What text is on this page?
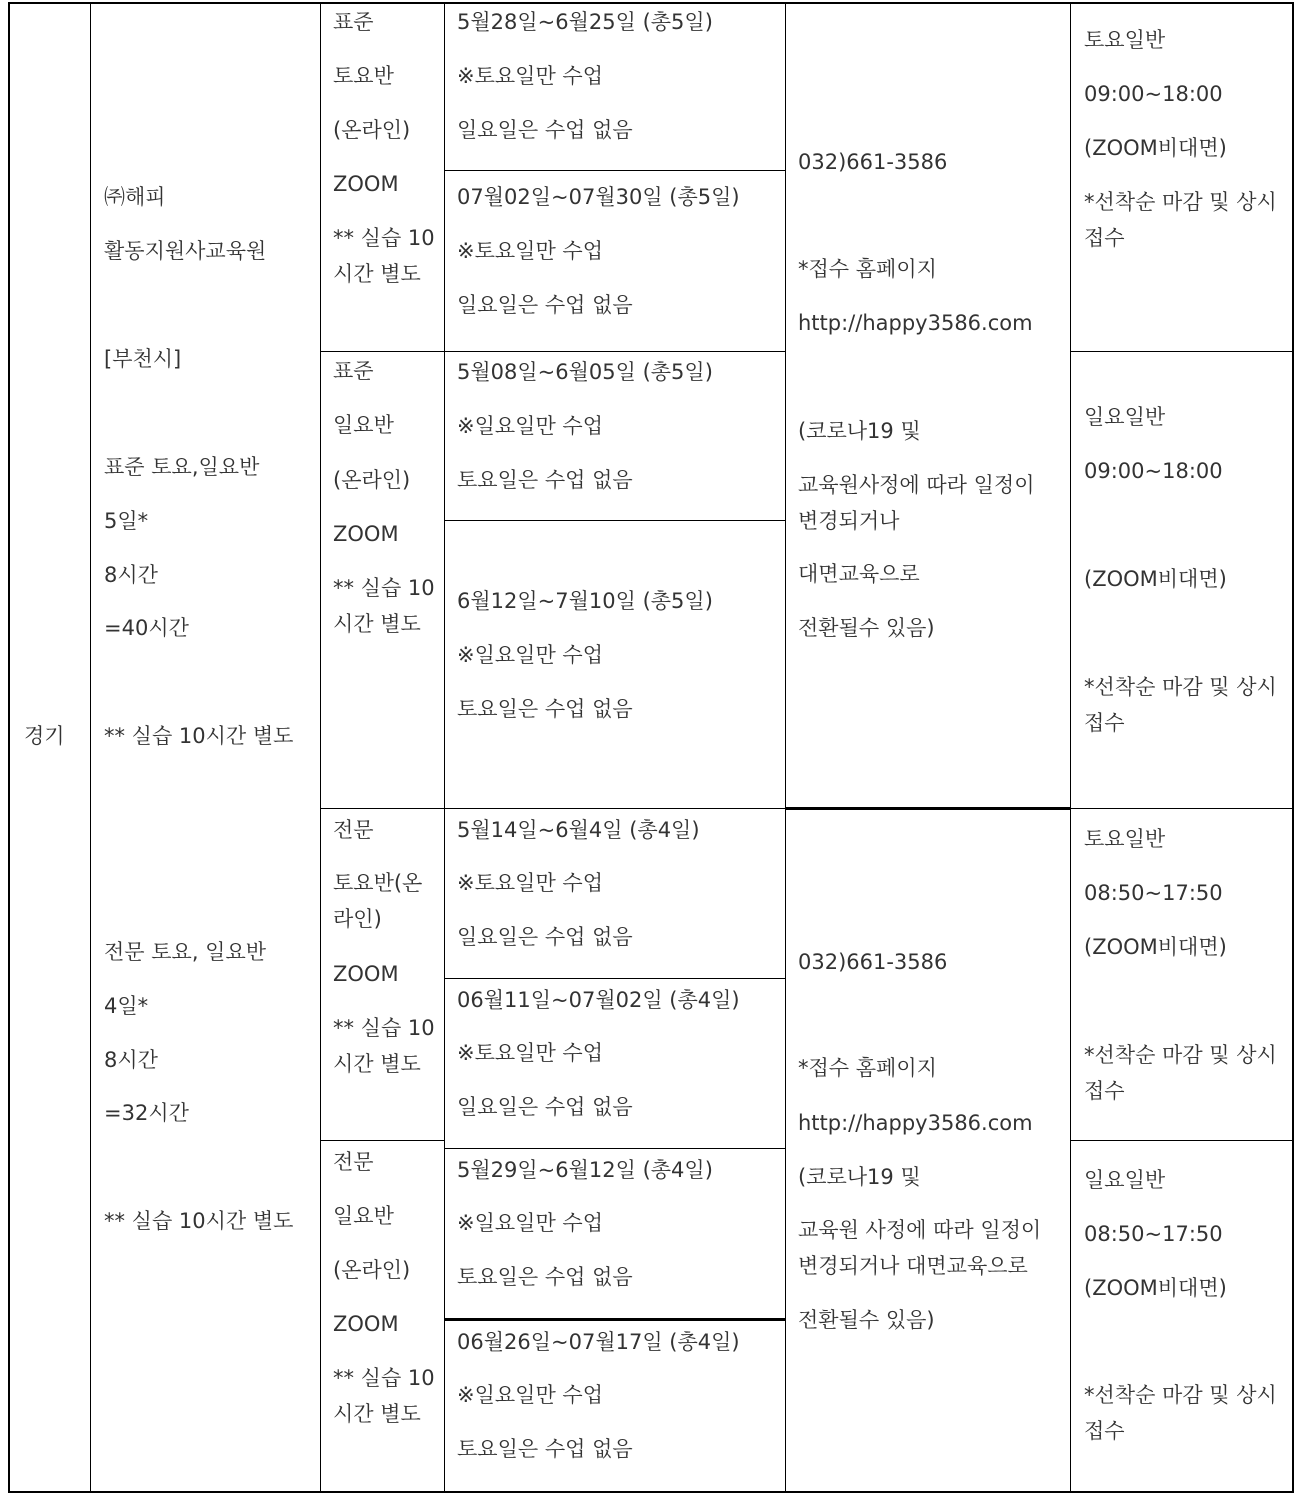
경기
㈜해피
활동지원사교육원
[부천시]
표준 토요,일요반
5일*
8시간
=40시간
** 실습 10시간 별도
전문 토요, 일요반
4일*
8시간
=32시간
** 실습 10시간 별도
표준
토요반
(온라인)
ZOOM
** 실습 10시간 별도
표준
일요반
(온라인)
ZOOM
** 실습 10시간 별도
전문
토요반(온라인)
ZOOM
** 실습 10시간 별도
전문
일요반
(온라인)
ZOOM
** 실습 10시간 별도
5월28일~6월25일 (총5일)
※토요일만 수업
일요일은 수업 없음
07월02일~07월30일 (총5일)
※토요일만 수업
일요일은 수업 없음
5월08일~6월05일 (총5일)
※일요일만 수업
토요일은 수업 없음
6월12일~7월10일 (총5일)
※일요일만 수업
토요일은 수업 없음
5월14일~6월4일 (총4일)
※토요일만 수업
일요일은 수업 없음
06월11일~07월02일 (총4일)
※토요일만 수업
일요일은 수업 없음
5월29일~6월12일 (총4일)
※일요일만 수업
토요일은 수업 없음
06월26일~07월17일 (총4일)
※일요일만 수업
토요일은 수업 없음
032)661-3586
*접수 홈페이지
http://happy3586.com
(코로나19 및
교육원사정에 따라 일정이 변경되거나
대면교육으로
전환될수 있음)
032)661-3586
*접수 홈페이지
http://happy3586.com
(코로나19 및
교육원 사정에 따라 일정이 변경되거나 대면교육으로
전환될수 있음)
토요일반
09:00~18:00
(ZOOM비대면)
*선착순 마감 및 상시접수
일요일반
09:00~18:00
(ZOOM비대면)
*선착순 마감 및 상시접수
토요일반
08:50~17:50
(ZOOM비대면)
*선착순 마감 및 상시접수
일요일반
08:50~17:50
(ZOOM비대면)
*선착순 마감 및 상시접수
